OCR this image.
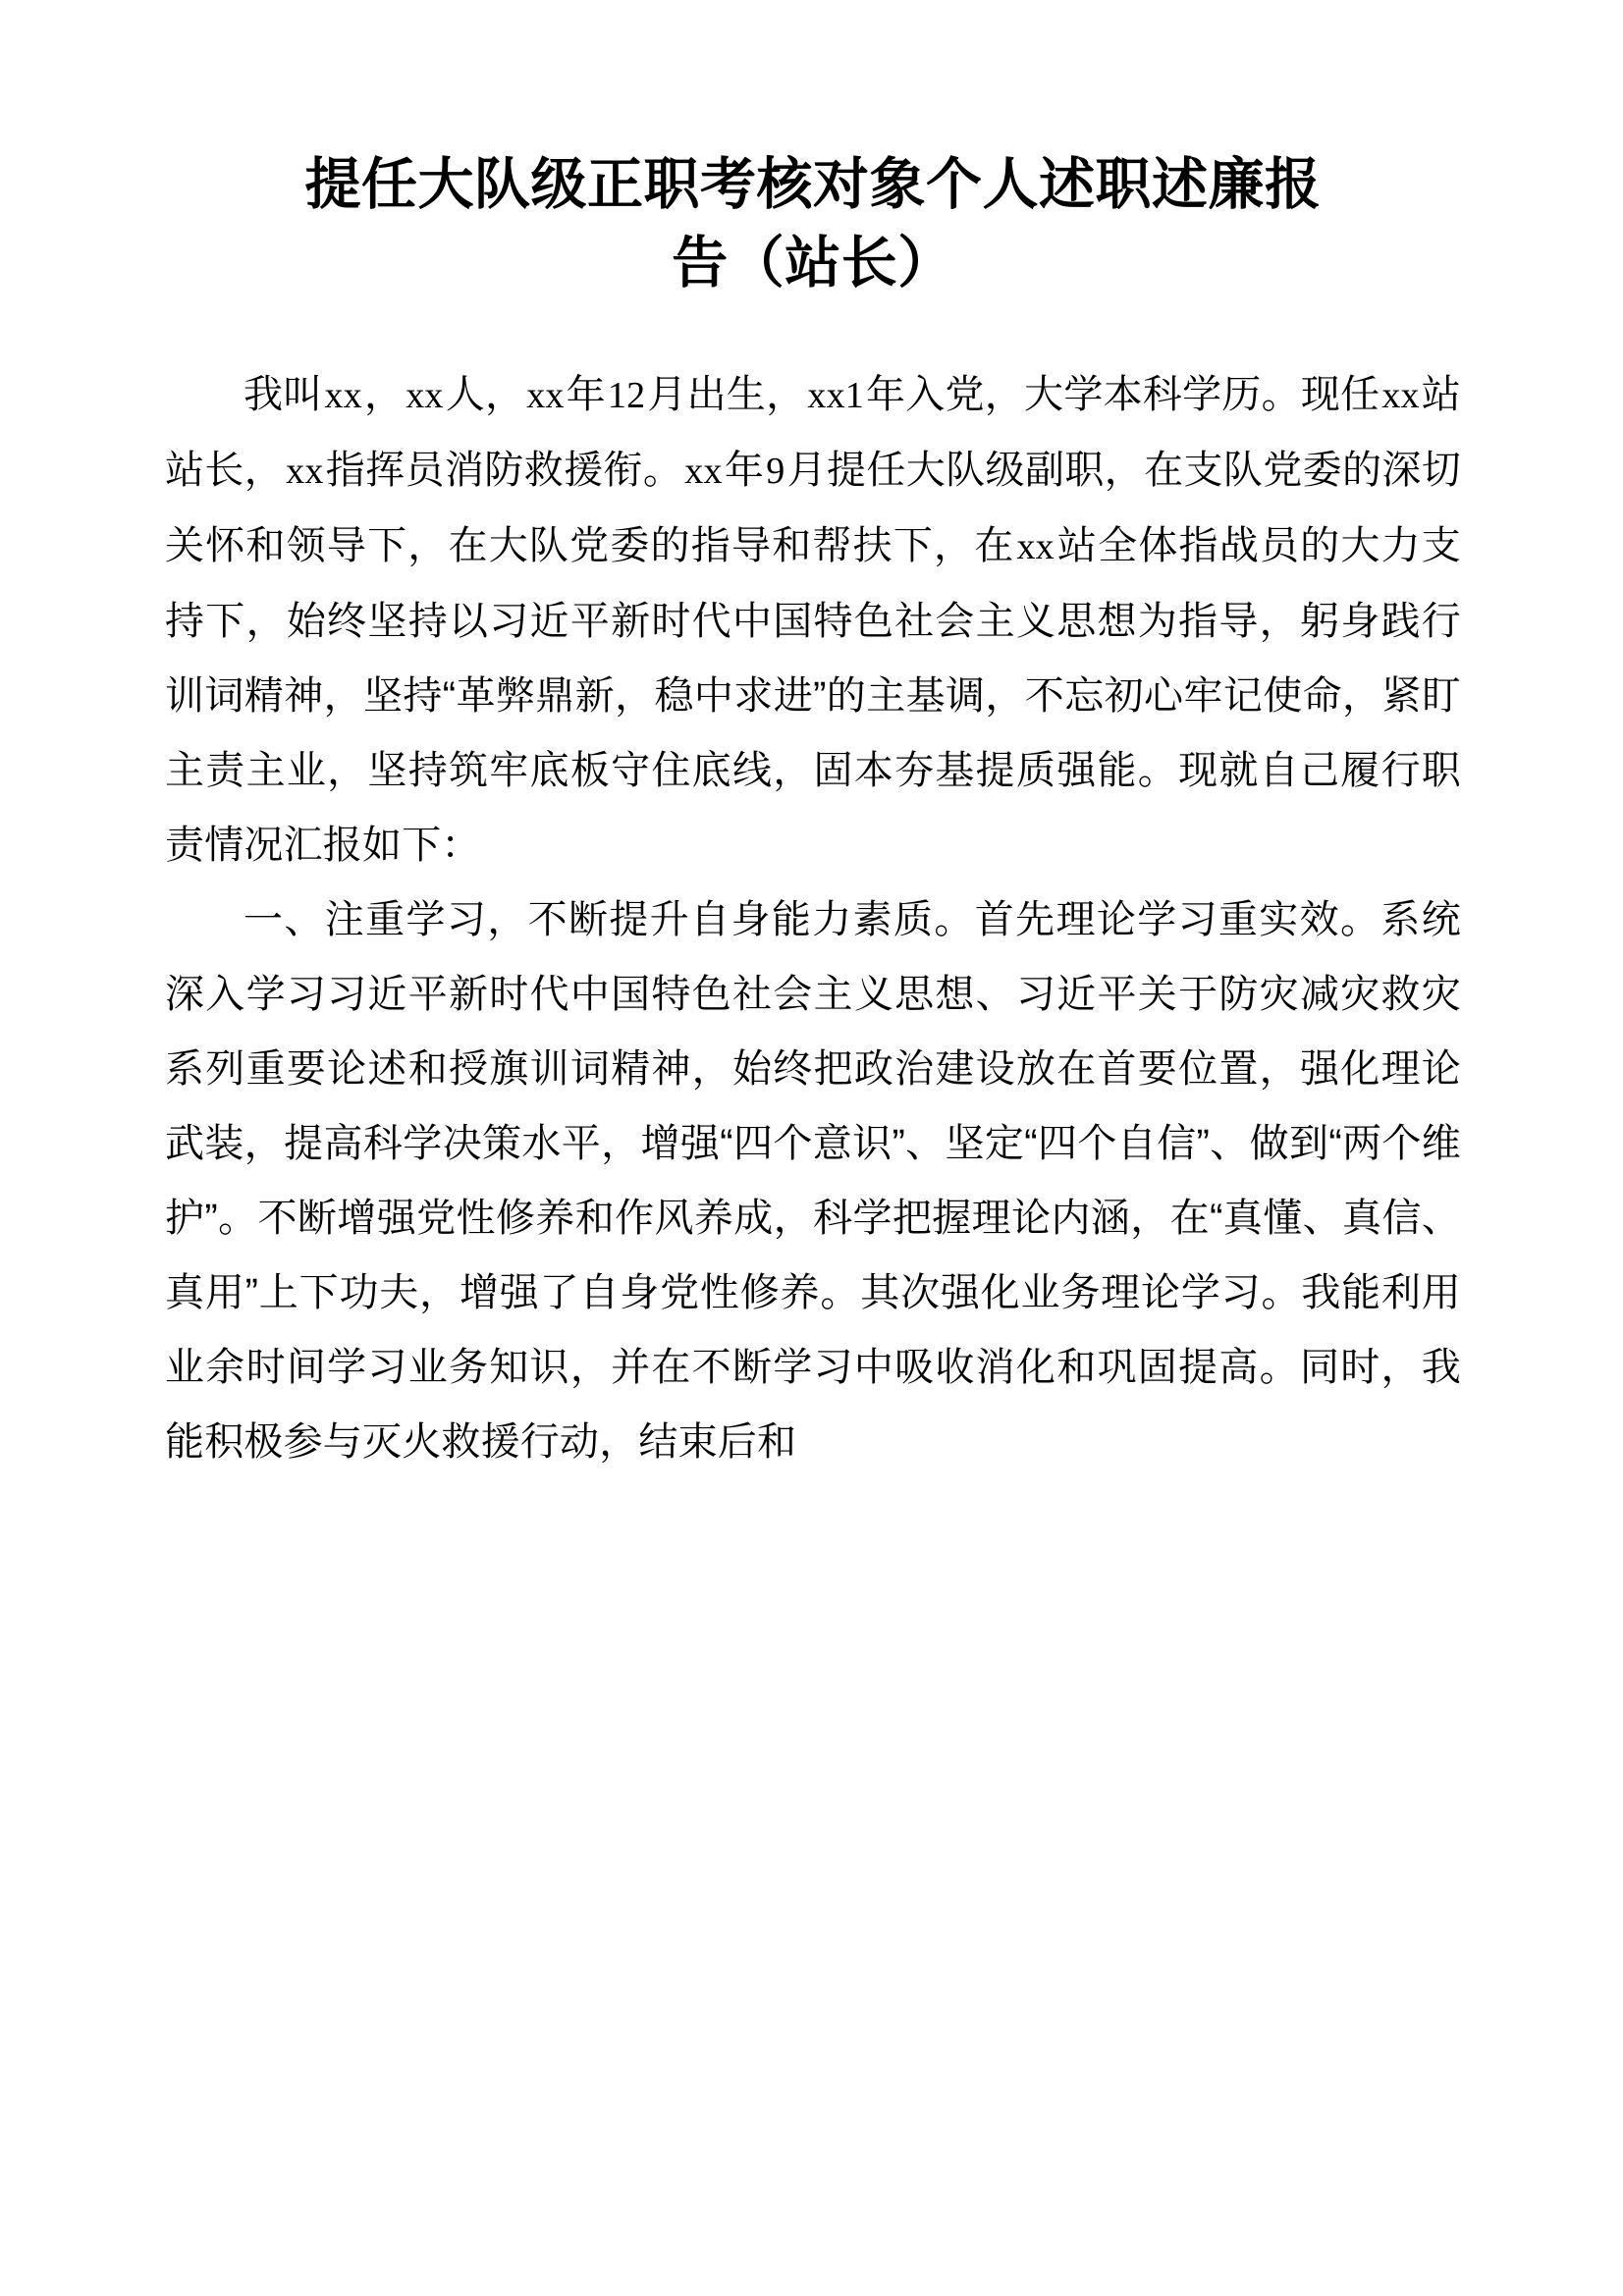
提任大队级正职考核对象个人述职述廉报
告（站长）

我叫xx，xx人，xx年12月出生，xx1年入党，大学本科学历。现任xx站站长，xx指挥员消防救援衔。xx年9月提任大队级副职，在支队党委的深切关怀和领导下，在大队党委的指导和帮扶下，在xx站全体指战员的大力支持下，始终坚持以习近平新时代中国特色社会主义思想为指导，躬身践行训词精神，坚持“革弊鼎新，稳中求进”的主基调，不忘初心牢记使命，紧盯主责主业，坚持筑牢底板守住底线，固本夯基提质强能。现就自己履行职责情况汇报如下：

一、注重学习，不断提升自身能力素质。首先理论学习重实效。系统深入学习习近平新时代中国特色社会主义思想、习近平关于防灾减灾救灾系列重要论述和授旗训词精神，始终把政治建设放在首要位置，强化理论武装，提高科学决策水平，增强“四个意识”、坚定“四个自信”、做到“两个维护”。不断增强党性修养和作风养成，科学把握理论内涵，在“真懂、真信、真用”上下功夫，增强了自身党性修养。其次强化业务理论学习。我能利用业余时间学习业务知识，并在不断学习中吸收消化和巩固提高。同时，我能积极参与灭火救援行动，结束后和
